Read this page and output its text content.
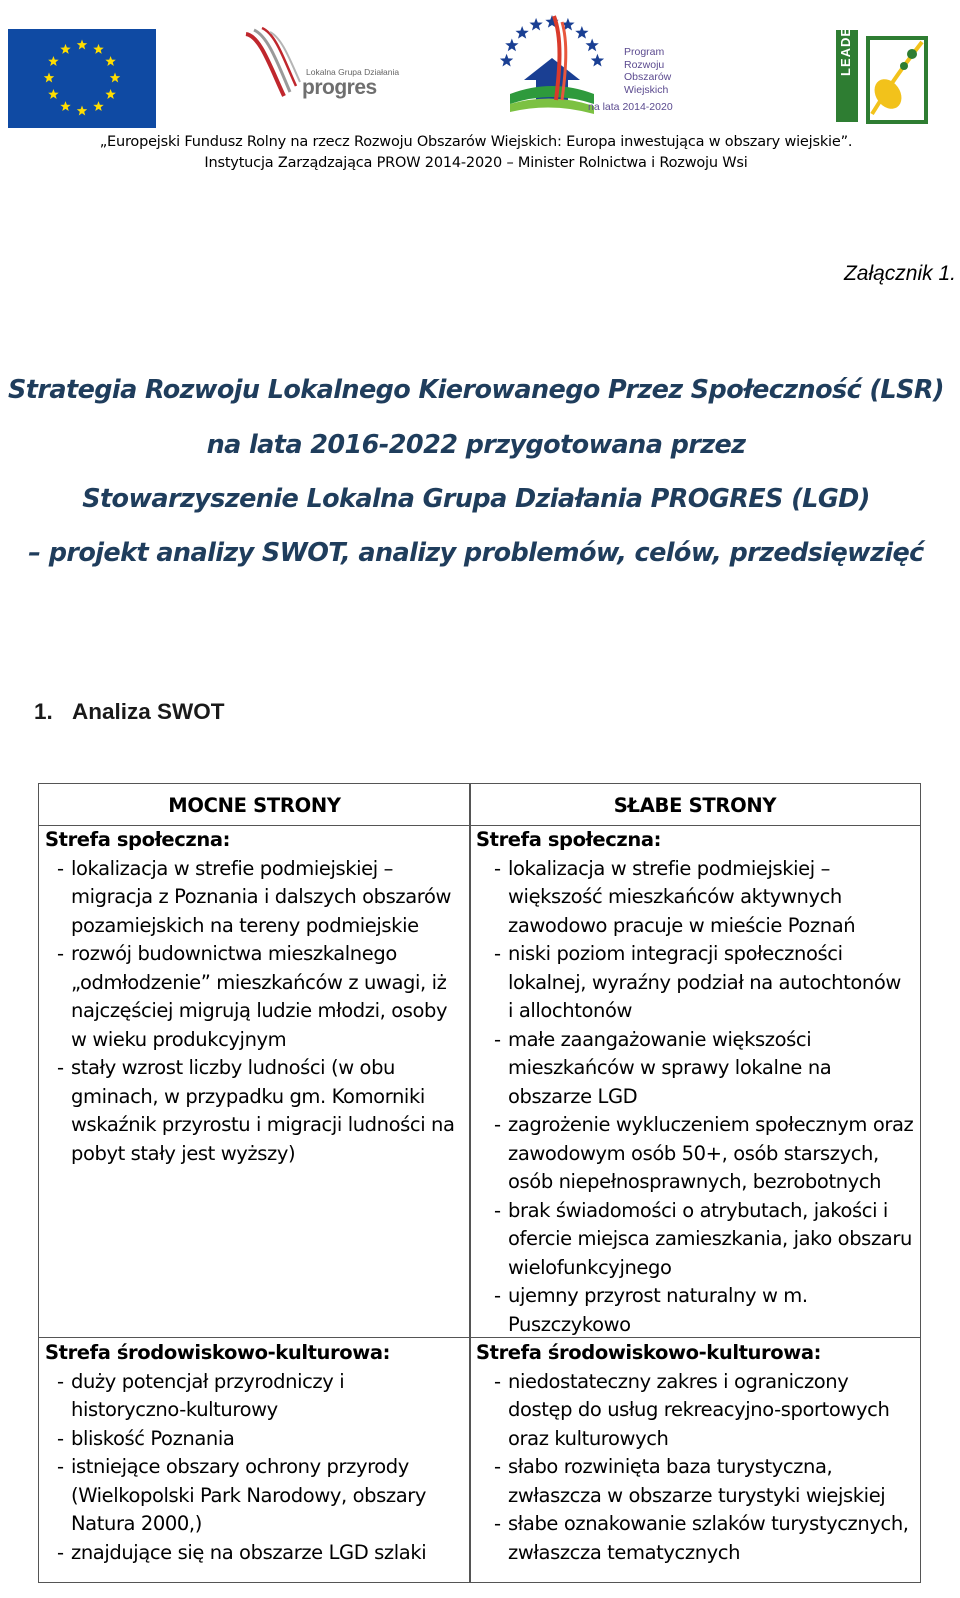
Lokalna Grupa Działania
progres
Program
Rozwoju
Obszarów
Wiejskich
na lata 2014-2020
LEADER
„Europejski Fundusz Rolny na rzecz Rozwoju Obszarów Wiejskich: Europa inwestująca w obszary wiejskie”.
Instytucja Zarządzająca PROW 2014-2020 – Minister Rolnictwa i Rozwoju Wsi
Załącznik 1.
Strategia Rozwoju Lokalnego Kierowanego Przez Społeczność (LSR)
na lata 2016-2022 przygotowana przez
Stowarzyszenie Lokalna Grupa Działania PROGRES (LGD)
– projekt analizy SWOT, analizy problemów, celów, przedsięwzięć
1. Analiza SWOT
MOCNE STRONY
Strefa społeczna:
- lokalizacja w strefie podmiejskiej –
migracja z Poznania i dalszych obszarów
pozamiejskich na tereny podmiejskie
- rozwój budownictwa mieszkalnego
„odmłodzenie” mieszkańców z uwagi, iż
najczęściej migrują ludzie młodzi, osoby
w wieku produkcyjnym
- stały wzrost liczby ludności (w obu
gminach, w przypadku gm. Komorniki
wskaźnik przyrostu i migracji ludności na
pobyt stały jest wyższy)
Strefa środowiskowo-kulturowa:
- duży potencjał przyrodniczy i
historyczno-kulturowy
- bliskość Poznania
- istniejące obszary ochrony przyrody
(Wielkopolski Park Narodowy, obszary
Natura 2000,)
- znajdujące się na obszarze LGD szlaki
SŁABE STRONY
Strefa społeczna:
- lokalizacja w strefie podmiejskiej –
większość mieszkańców aktywnych
zawodowo pracuje w mieście Poznań
- niski poziom integracji społeczności
lokalnej, wyraźny podział na autochtonów
i allochtonów
- małe zaangażowanie większości
mieszkańców w sprawy lokalne na
obszarze LGD
- zagrożenie wykluczeniem społecznym oraz
zawodowym osób 50+, osób starszych,
osób niepełnosprawnych, bezrobotnych
- brak świadomości o atrybutach, jakości i
ofercie miejsca zamieszkania, jako obszaru
wielofunkcyjnego
- ujemny przyrost naturalny w m.
Puszczykowo
Strefa środowiskowo-kulturowa:
- niedostateczny zakres i ograniczony
dostęp do usług rekreacyjno-sportowych
oraz kulturowych
- słabo rozwinięta baza turystyczna,
zwłaszcza w obszarze turystyki wiejskiej
- słabe oznakowanie szlaków turystycznych,
zwłaszcza tematycznych
